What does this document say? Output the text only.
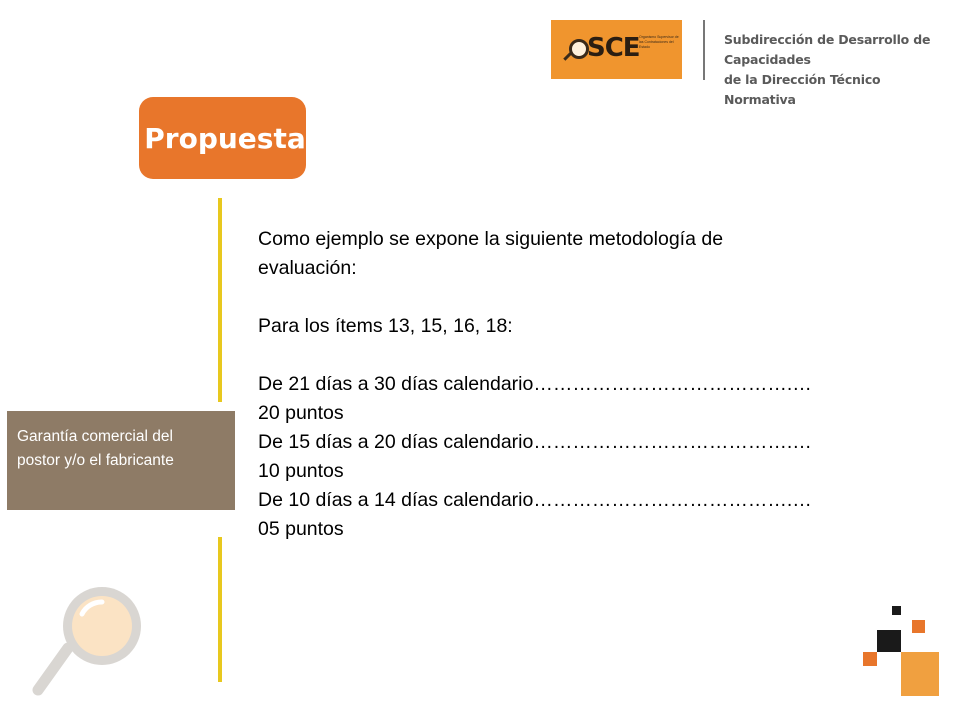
SCE Organismo Supervisor de las Contrataciones del Estado	Subdirección de Desarrollo de Capacidades
de la Dirección Técnico Normativa
Propuesta
Garantía comercial del
postor y/o el fabricante

Como ejemplo se expone la siguiente metodología de

evaluación:

Para los ítems 13, 15, 16, 18:

De 21 días a 30 días calendario………………………………….…

20 puntos

De 15 días a 20 días calendario………………………………….…

10 puntos

De 10 días a 14 días calendario………………………………….…

05 puntos
